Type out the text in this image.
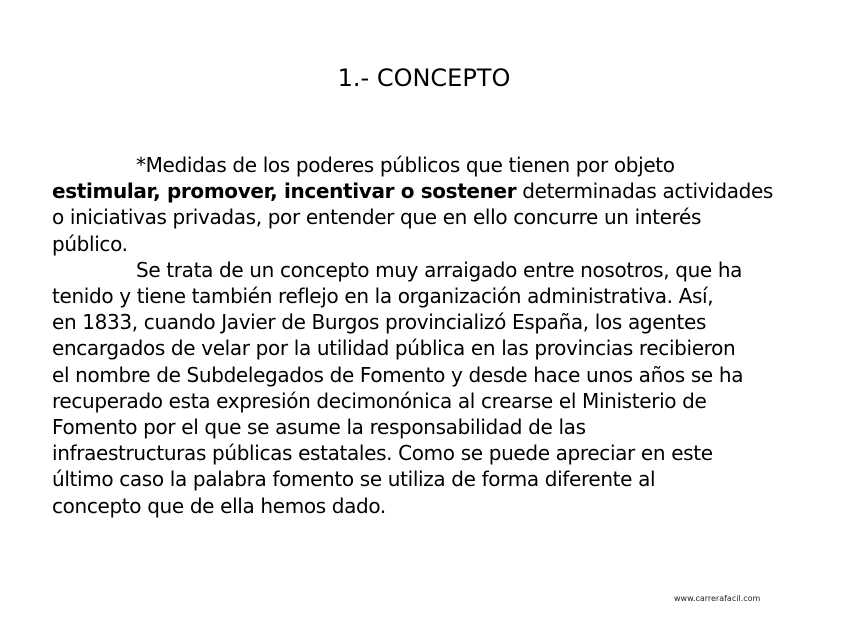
1.- CONCEPTO

*Medidas de los poderes públicos que tienen por objeto
estimular, promover, incentivar o sostener determinadas actividades
o iniciativas privadas, por entender que en ello concurre un interés
público.

Se trata de un concepto muy arraigado entre nosotros, que ha
tenido y tiene también reflejo en la organización administrativa. Así,
en 1833, cuando Javier de Burgos provincializó España, los agentes
encargados de velar por la utilidad pública en las provincias recibieron
el nombre de Subdelegados de Fomento y desde hace unos años se ha
recuperado esta expresión decimonónica al crearse el Ministerio de
Fomento por el que se asume la responsabilidad de las
infraestructuras públicas estatales. Como se puede apreciar en este
último caso la palabra fomento se utiliza de forma diferente al
concepto que de ella hemos dado.

www.carrerafacil.com
